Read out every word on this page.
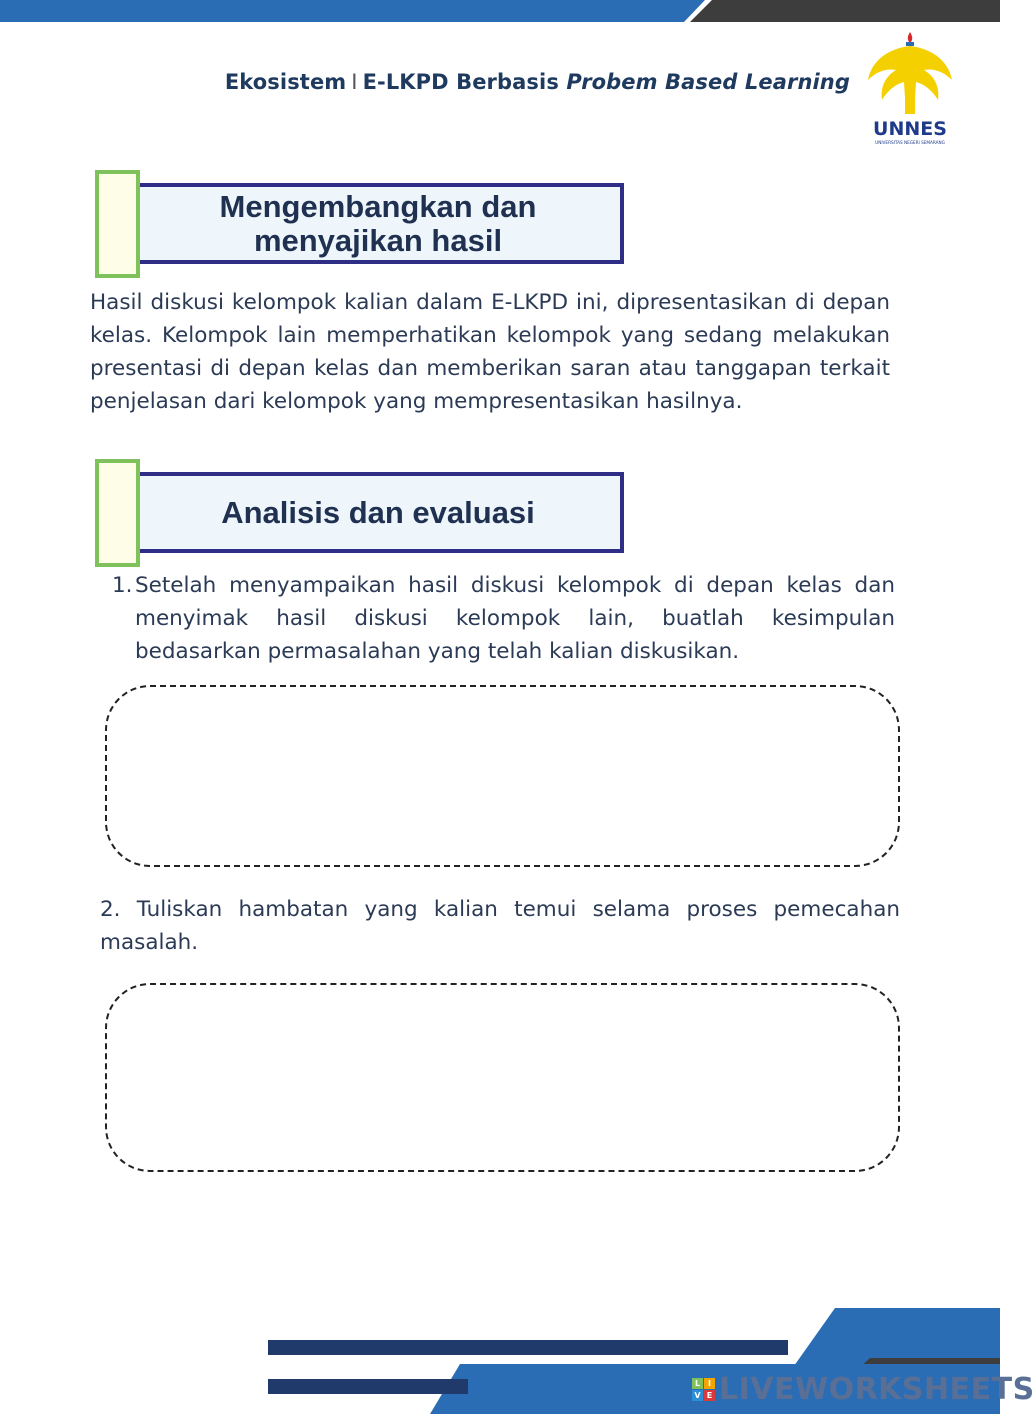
Ekosistem I E-LKPD Berbasis Probem Based Learning
UNNES
UNIVERSITAS NEGERI SEMARANG
Mengembangkan dan
menyajikan hasil

Hasil diskusi kelompok kalian dalam E-LKPD ini, dipresentasikan di depan kelas. Kelompok lain memperhatikan kelompok yang sedang melakukan presentasi di depan kelas dan memberikan saran atau tanggapan terkait penjelasan dari kelompok yang mempresentasikan hasilnya.

Analisis dan evaluasi
1. Setelah menyampaikan hasil diskusi kelompok di depan kelas dan menyimak hasil diskusi kelompok lain, buatlah kesimpulan bedasarkan permasalahan yang telah kalian diskusikan.

2. Tuliskan hambatan yang kalian temui selama proses pemecahan masalah.

L I
V E LIVEWORKSHEETS
